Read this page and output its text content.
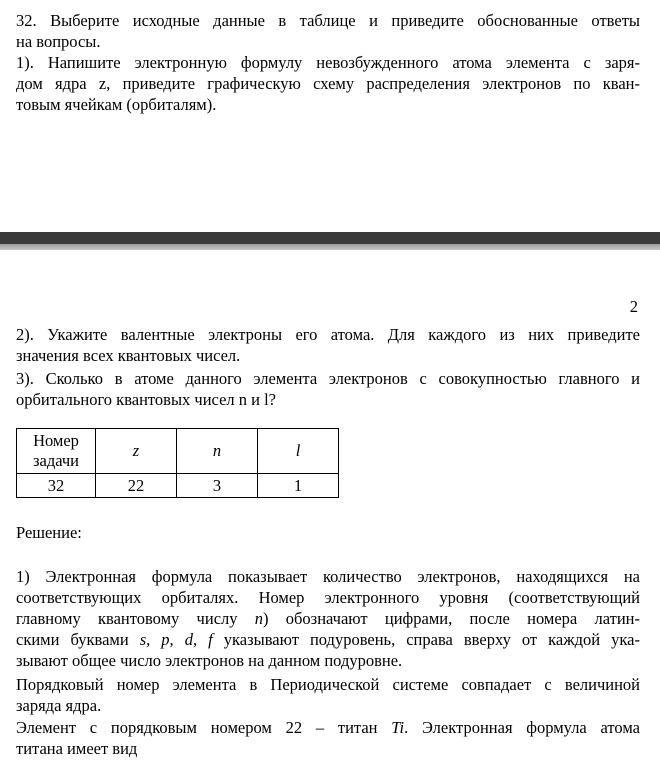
32. Выберите исходные данные в таблице и приведите обоснованные ответы
на вопросы.
1). Напишите электронную формулу невозбужденного атома элемента с заря-
дом ядра z, приведите графическую схему распределения электронов по кван-
товым ячейкам (орбиталям).
2
2). Укажите валентные электроны его атома. Для каждого из них приведите
значения всех квантовых чисел.
3). Сколько в атоме данного элемента электронов с совокупностью главного и
орбитального квантовых чисел n и l?
Номер
задачи	z	n	l
32	22	3	1
Решение:
1) Электронная формула показывает количество электронов, находящихся на
соответствующих орбиталях. Номер электронного уровня (соответствующий
главному квантовому числу n) обозначают цифрами, после номера латин-
скими буквами s, p, d, f указывают подуровень, справа вверху от каждой ука-
зывают общее число электронов на данном подуровне.
Порядковый номер элемента в Периодической системе совпадает с величиной
заряда ядра.
Элемент с порядковым номером 22 – титан Ti. Электронная формула атома
титана имеет вид
